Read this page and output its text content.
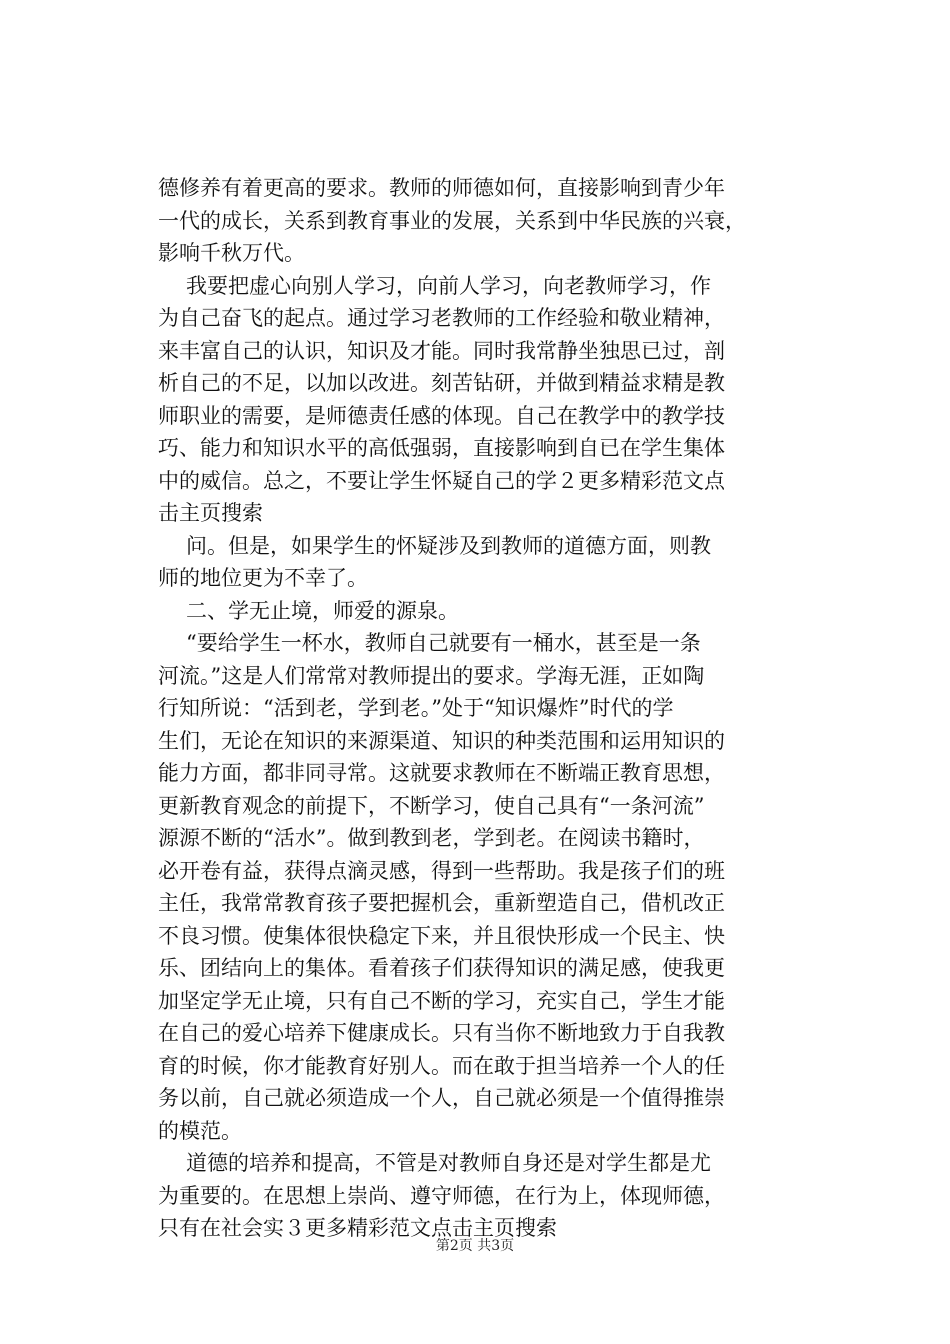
德修养有着更高的要求。教师的师德如何，直接影响到青少年
一代的成长，关系到教育事业的发展，关系到中华民族的兴衰，
影响千秋万代。
我要把虚心向别人学习，向前人学习，向老教师学习，作
为自己奋飞的起点。通过学习老教师的工作经验和敬业精神，
来丰富自己的认识，知识及才能。同时我常静坐独思已过，剖
析自己的不足，以加以改进。刻苦钻研，并做到精益求精是教
师职业的需要，是师德责任感的体现。自己在教学中的教学技
巧、能力和知识水平的高低强弱，直接影响到自已在学生集体
中的威信。总之，不要让学生怀疑自己的学２更多精彩范文点
击主页搜索
问。但是，如果学生的怀疑涉及到教师的道德方面，则教
师的地位更为不幸了。
二、学无止境，师爱的源泉。
“要给学生一杯水，教师自己就要有一桶水，甚至是一条
河流。”这是人们常常对教师提出的要求。学海无涯，正如陶
行知所说：“活到老，学到老。”处于“知识爆炸”时代的学
生们，无论在知识的来源渠道、知识的种类范围和运用知识的
能力方面，都非同寻常。这就要求教师在不断端正教育思想，
更新教育观念的前提下，不断学习，使自己具有“一条河流”
源源不断的“活水”。做到教到老，学到老。在阅读书籍时，
必开卷有益，获得点滴灵感，得到一些帮助。我是孩子们的班
主任，我常常教育孩子要把握机会，重新塑造自己，借机改正
不良习惯。使集体很快稳定下来，并且很快形成一个民主、快
乐、团结向上的集体。看着孩子们获得知识的满足感，使我更
加坚定学无止境，只有自己不断的学习，充实自己，学生才能
在自己的爱心培养下健康成长。只有当你不断地致力于自我教
育的时候，你才能教育好别人。而在敢于担当培养一个人的任
务以前，自己就必须造成一个人，自己就必须是一个值得推崇
的模范。
道德的培养和提高，不管是对教师自身还是对学生都是尤
为重要的。在思想上崇尚、遵守师德，在行为上，体现师德，
只有在社会实３更多精彩范文点击主页搜索
第2页 共3页
